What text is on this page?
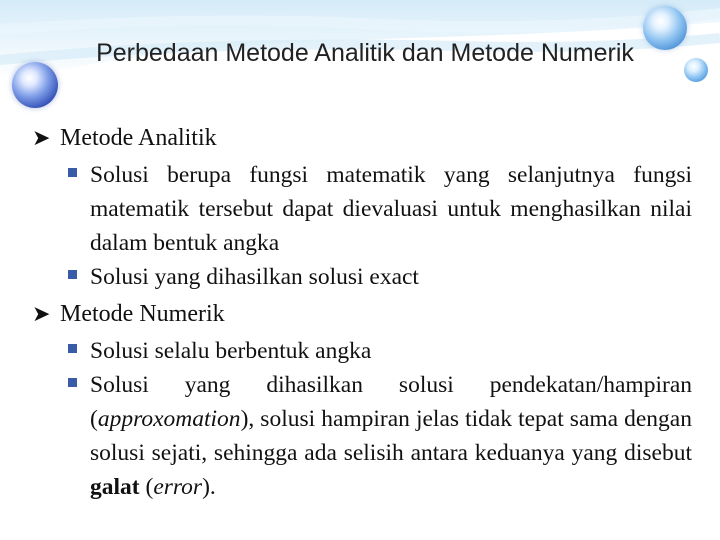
Perbedaan Metode Analitik dan Metode Numerik
➤ Metode Analitik
Solusi berupa fungsi matematik yang selanjutnya fungsi matematik tersebut dapat dievaluasi untuk menghasilkan nilai dalam bentuk angka
Solusi yang dihasilkan solusi exact
➤ Metode Numerik
Solusi selalu berbentuk angka
Solusi yang dihasilkan solusi pendekatan/hampiran (approxomation), solusi hampiran jelas tidak tepat sama dengan solusi sejati, sehingga ada selisih antara keduanya yang disebut galat (error).
